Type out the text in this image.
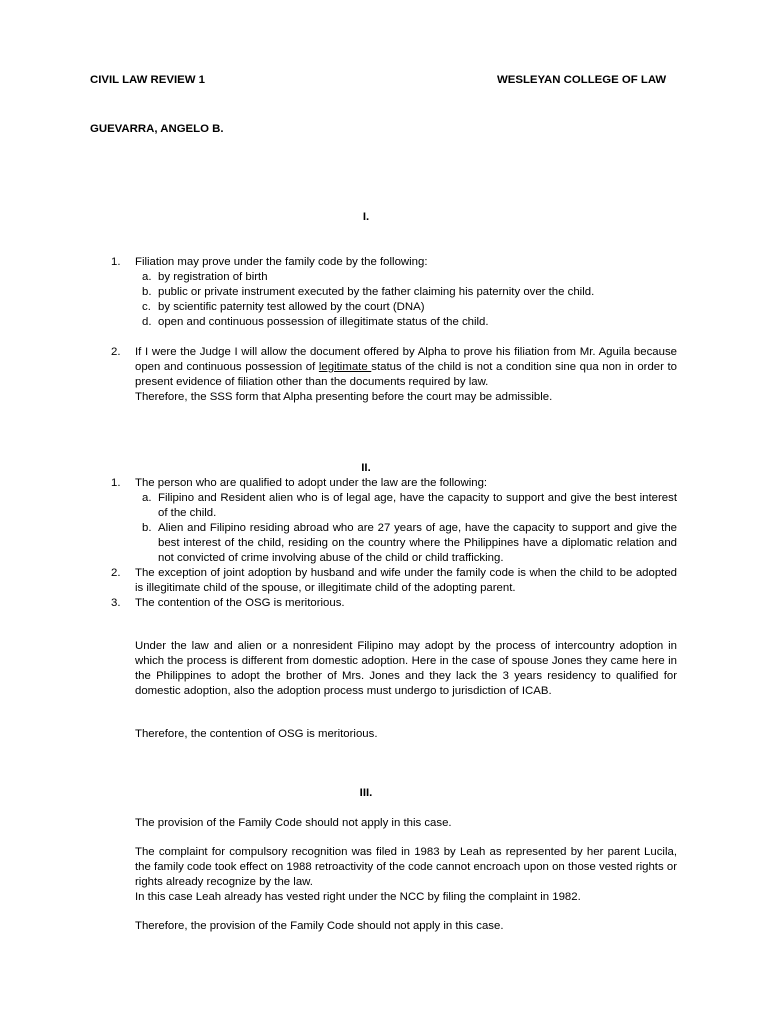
CIVIL LAW REVIEW 1	WESLEYAN COLLEGE OF LAW
GUEVARRA, ANGELO B.
I.
1. Filiation may prove under the family code by the following:

a. by registration of birth

b. public or private instrument executed by the father claiming his paternity over the child.

c. by scientific paternity test allowed by the court (DNA)

d. open and continuous possession of illegitimate status of the child.

2. If I were the Judge I will allow the document offered by Alpha to prove his filiation from Mr. Aguila because open and continuous possession of legitimate status of the child is not a condition sine qua non in order to present evidence of filiation other than the documents required by law.

Therefore, the SSS form that Alpha presenting before the court may be admissible.

II.
1. The person who are qualified to adopt under the law are the following:

a. Filipino and Resident alien who is of legal age, have the capacity to support and give the best interest of the child.

b. Alien and Filipino residing abroad who are 27 years of age, have the capacity to support and give the best interest of the child, residing on the country where the Philippines have a diplomatic relation and not convicted of crime involving abuse of the child or child trafficking.

2. The exception of joint adoption by husband and wife under the family code is when the child to be adopted is illegitimate child of the spouse, or illegitimate child of the adopting parent.

3. The contention of the OSG is meritorious.

Under the law and alien or a nonresident Filipino may adopt by the process of intercountry adoption in which the process is different from domestic adoption. Here in the case of spouse Jones they came here in the Philippines to adopt the brother of Mrs. Jones and they lack the 3 years residency to qualified for domestic adoption, also the adoption process must undergo to jurisdiction of ICAB.

Therefore, the contention of OSG is meritorious.

III.

The provision of the Family Code should not apply in this case.

The complaint for compulsory recognition was filed in 1983 by Leah as represented by her parent Lucila, the family code took effect on 1988 retroactivity of the code cannot encroach upon on those vested rights or rights already recognize by the law.

In this case Leah already has vested right under the NCC by filing the complaint in 1982.

Therefore, the provision of the Family Code should not apply in this case.
